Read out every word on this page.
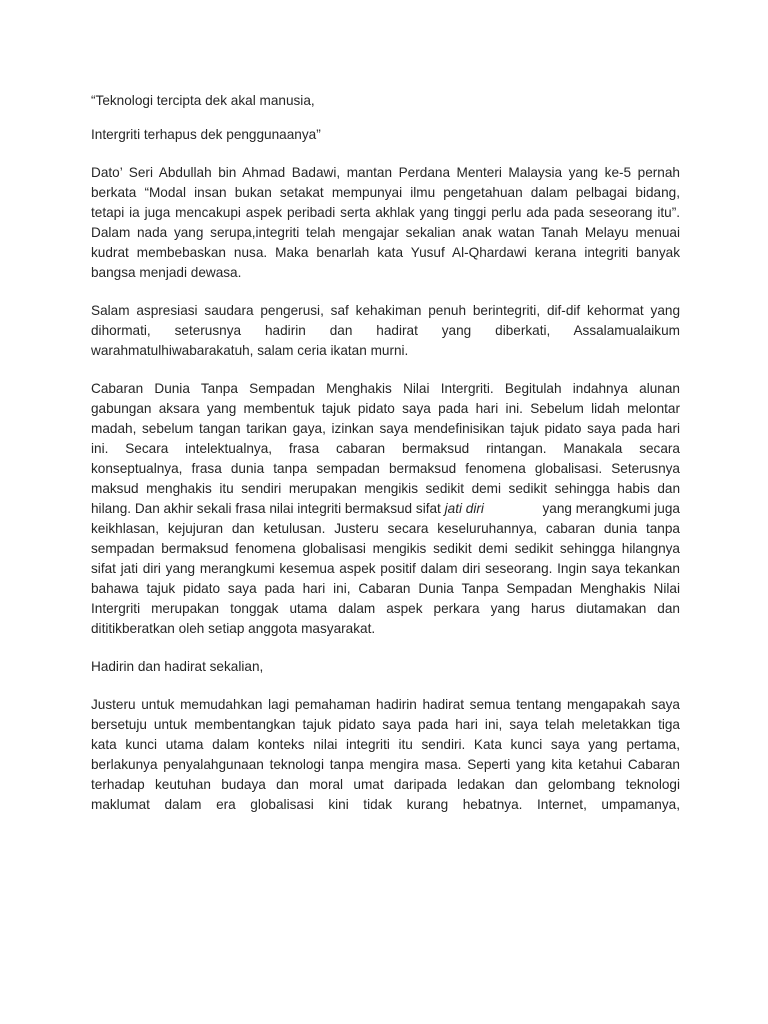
“Teknologi tercipta dek akal manusia,
Intergriti terhapus dek penggunaanya”
Dato’ Seri Abdullah bin Ahmad Badawi, mantan Perdana Menteri Malaysia yang ke-5 pernah
berkata “Modal insan bukan setakat mempunyai ilmu pengetahuan dalam pelbagai bidang,
tetapi ia juga mencakupi aspek peribadi serta akhlak yang tinggi perlu ada pada seseorang itu”.
Dalam nada yang serupa,integriti telah mengajar sekalian anak watan Tanah Melayu menuai
kudrat membebaskan nusa. Maka benarlah kata Yusuf Al-Qhardawi kerana integriti banyak
bangsa menjadi dewasa.
Salam aspresiasi saudara pengerusi, saf kehakiman penuh berintegriti, dif-dif kehormat yang
dihormati, seterusnya hadirin dan hadirat yang diberkati, Assalamualaikum
warahmatulhiwabarakatuh, salam ceria ikatan murni.
Cabaran Dunia Tanpa Sempadan Menghakis Nilai Intergriti. Begitulah indahnya alunan
gabungan aksara yang membentuk tajuk pidato saya pada hari ini. Sebelum lidah melontar
madah, sebelum tangan tarikan gaya, izinkan saya mendefinisikan tajuk pidato saya pada hari
ini. Secara intelektualnya, frasa cabaran bermaksud rintangan. Manakala secara
konseptualnya, frasa dunia tanpa sempadan bermaksud fenomena globalisasi. Seterusnya
maksud menghakis itu sendiri merupakan mengikis sedikit demi sedikit sehingga habis dan
hilang. Dan akhir sekali frasa nilai integriti bermaksud sifat jati diri	yang merangkumi juga
keikhlasan, kejujuran dan ketulusan. Justeru secara keseluruhannya, cabaran dunia tanpa
sempadan bermaksud fenomena globalisasi mengikis sedikit demi sedikit sehingga hilangnya
sifat jati diri yang merangkumi kesemua aspek positif dalam diri seseorang. Ingin saya tekankan
bahawa tajuk pidato saya pada hari ini, Cabaran Dunia Tanpa Sempadan Menghakis Nilai
Intergriti merupakan tonggak utama dalam aspek perkara yang harus diutamakan dan
dititikberatkan oleh setiap anggota masyarakat.
Hadirin dan hadirat sekalian,
Justeru untuk memudahkan lagi pemahaman hadirin hadirat semua tentang mengapakah saya
bersetuju untuk membentangkan tajuk pidato saya pada hari ini, saya telah meletakkan tiga
kata kunci utama dalam konteks nilai integriti itu sendiri. Kata kunci saya yang pertama,
berlakunya penyalahgunaan teknologi tanpa mengira masa. Seperti yang kita ketahui Cabaran
terhadap keutuhan budaya dan moral umat daripada ledakan dan gelombang teknologi
maklumat dalam era globalisasi kini tidak kurang hebatnya. Internet, umpamanya,
